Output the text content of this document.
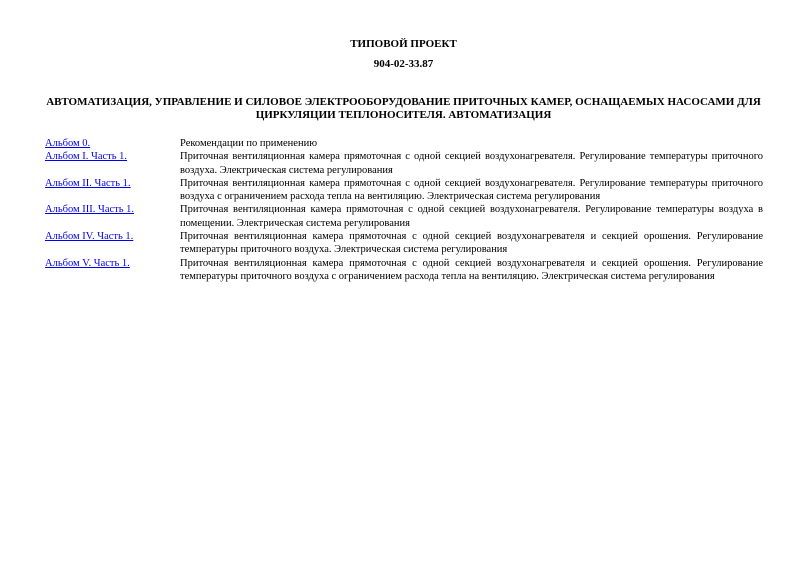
ТИПОВОЙ ПРОЕКТ
904-02-33.87
АВТОМАТИЗАЦИЯ, УПРАВЛЕНИЕ И СИЛОВОЕ ЭЛЕКТРООБОРУДОВАНИЕ ПРИТОЧНЫХ КАМЕР, ОСНАЩАЕМЫХ НАСОСАМИ ДЛЯ ЦИРКУЛЯЦИИ ТЕПЛОНОСИТЕЛЯ. АВТОМАТИЗАЦИЯ
Альбом 0.	Рекомендации по применению
Альбом I. Часть 1.	Приточная вентиляционная камера прямоточная с одной секцией воздухонагревателя. Регулирование температуры приточного воздуха. Электрическая система регулирования
Альбом II. Часть 1.	Приточная вентиляционная камера прямоточная с одной секцией воздухонагревателя. Регулирование температуры приточного воздуха с ограничением расхода тепла на вентиляцию. Электрическая система регулирования
Альбом III. Часть 1.	Приточная вентиляционная камера прямоточная с одной секцией воздухонагревателя. Регулирование температуры воздуха в помещении. Электрическая система регулирования
Альбом IV. Часть 1.	Приточная вентиляционная камера прямоточная с одной секцией воздухонагревателя и секцией орошения. Регулирование температуры приточного воздуха. Электрическая система регулирования
Альбом V. Часть 1.	Приточная вентиляционная камера прямоточная с одной секцией воздухонагревателя и секцией орошения. Регулирование температуры приточного воздуха с ограничением расхода тепла на вентиляцию. Электрическая система регулирования
